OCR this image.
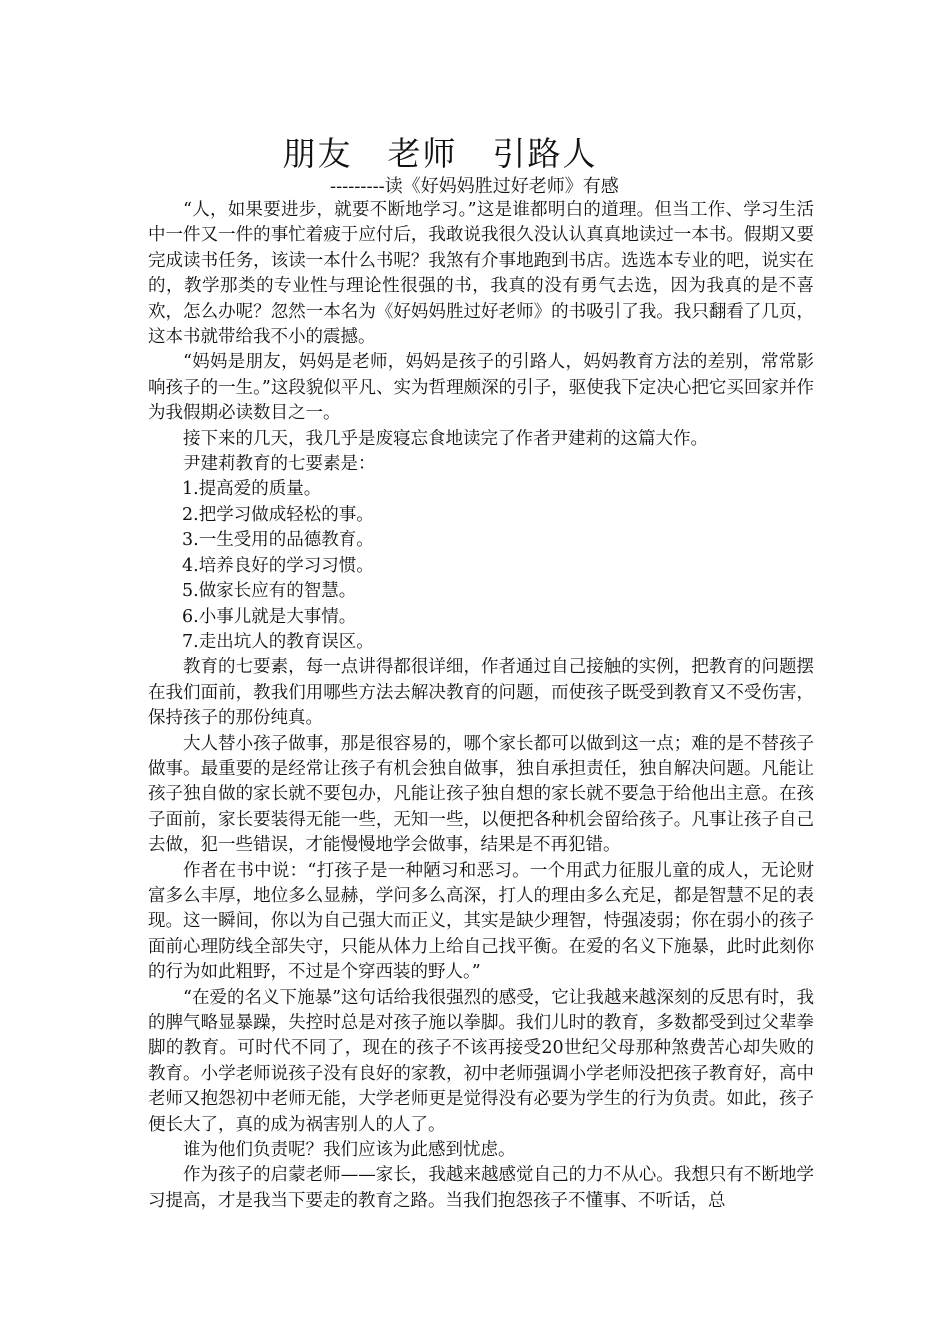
朋友　老师　引路人
---------读《好妈妈胜过好老师》有感

“人，如果要进步，就要不断地学习。”这是谁都明白的道理。但当工作、学习生活中一件又一件的事忙着疲于应付后，我敢说我很久没认认真真地读过一本书。假期又要完成读书任务，该读一本什么书呢？我煞有介事地跑到书店。选选本专业的吧，说实在的，教学那类的专业性与理论性很强的书，我真的没有勇气去选，因为我真的是不喜欢，怎么办呢？忽然一本名为《好妈妈胜过好老师》的书吸引了我。我只翻看了几页，这本书就带给我不小的震撼。

“妈妈是朋友，妈妈是老师，妈妈是孩子的引路人，妈妈教育方法的差别，常常影响孩子的一生。”这段貌似平凡、实为哲理颇深的引子，驱使我下定决心把它买回家并作为我假期必读数目之一。

接下来的几天，我几乎是废寝忘食地读完了作者尹建莉的这篇大作。

尹建莉教育的七要素是：

1.提高爱的质量。
2.把学习做成轻松的事。
3.一生受用的品德教育。
4.培养良好的学习习惯。
5.做家长应有的智慧。
6.小事儿就是大事情。
7.走出坑人的教育误区。

教育的七要素，每一点讲得都很详细，作者通过自己接触的实例，把教育的问题摆在我们面前，教我们用哪些方法去解决教育的问题，而使孩子既受到教育又不受伤害，保持孩子的那份纯真。

大人替小孩子做事，那是很容易的，哪个家长都可以做到这一点；难的是不替孩子做事。最重要的是经常让孩子有机会独自做事，独自承担责任，独自解决问题。凡能让孩子独自做的家长就不要包办，凡能让孩子独自想的家长就不要急于给他出主意。在孩子面前，家长要装得无能一些，无知一些，以便把各种机会留给孩子。凡事让孩子自己去做，犯一些错误，才能慢慢地学会做事，结果是不再犯错。

作者在书中说：“打孩子是一种陋习和恶习。一个用武力征服儿童的成人，无论财富多么丰厚，地位多么显赫，学问多么高深，打人的理由多么充足，都是智慧不足的表现。这一瞬间，你以为自己强大而正义，其实是缺少理智，恃强凌弱；你在弱小的孩子面前心理防线全部失守，只能从体力上给自己找平衡。在爱的名义下施暴，此时此刻你的行为如此粗野，不过是个穿西装的野人。”

“在爱的名义下施暴”这句话给我很强烈的感受，它让我越来越深刻的反思有时，我的脾气略显暴躁，失控时总是对孩子施以拳脚。我们儿时的教育，多数都受到过父辈拳脚的教育。可时代不同了，现在的孩子不该再接受20世纪父母那种煞费苦心却失败的教育。小学老师说孩子没有良好的家教，初中老师强调小学老师没把孩子教育好，高中老师又抱怨初中老师无能，大学老师更是觉得没有必要为学生的行为负责。如此，孩子便长大了，真的成为祸害别人的人了。

谁为他们负责呢？我们应该为此感到忧虑。

作为孩子的启蒙老师——家长，我越来越感觉自己的力不从心。我想只有不断地学习提高，才是我当下要走的教育之路。当我们抱怨孩子不懂事、不听话，总
